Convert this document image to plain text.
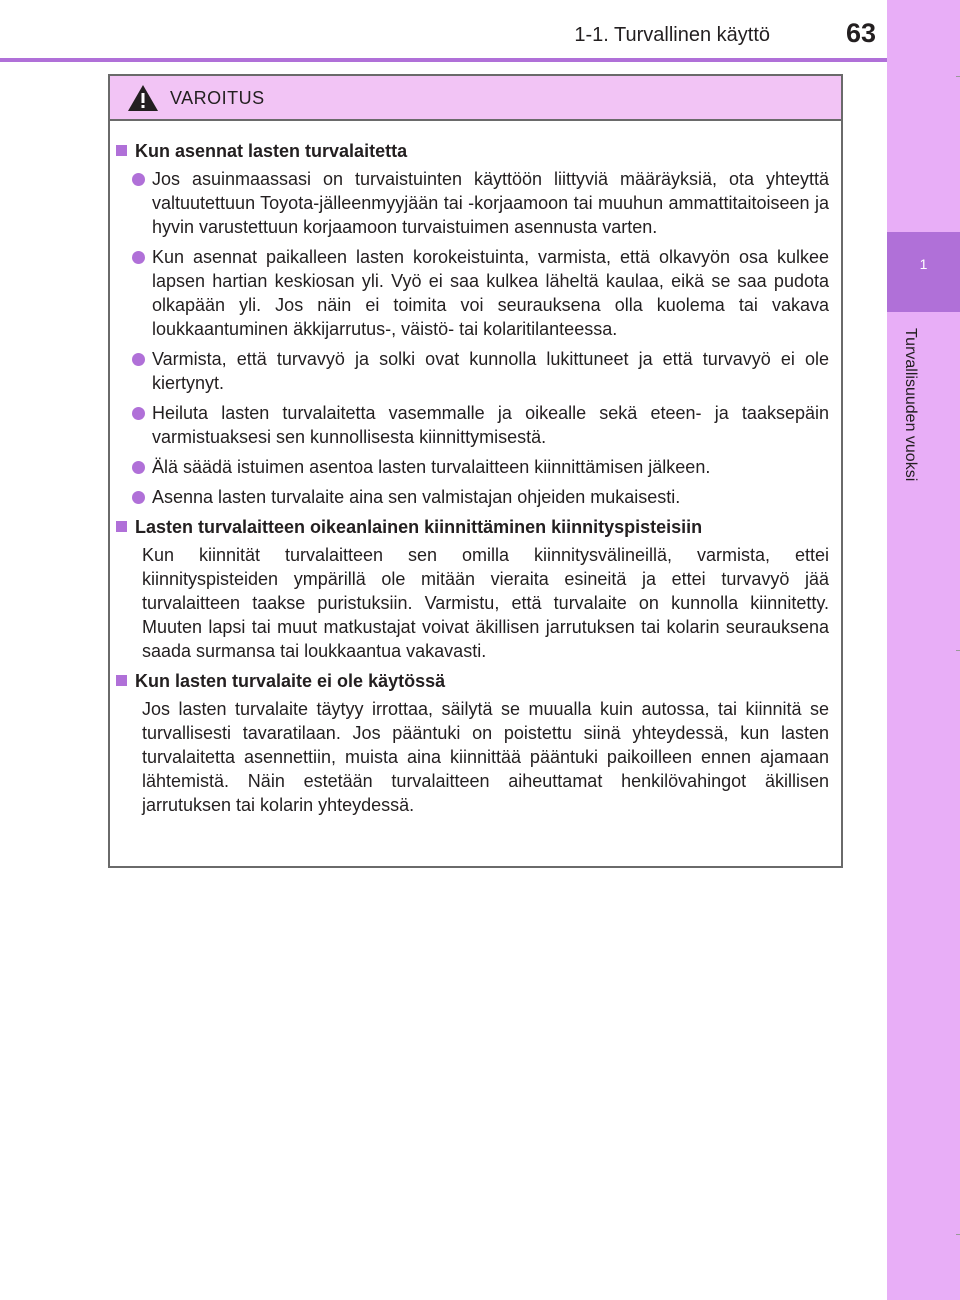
63
1-1. Turvallinen käyttö
1
Turvallisuuden vuoksi
VAROITUS
Kun asennat lasten turvalaitetta

Jos asuinmaassasi on turvaistuinten käyttöön liittyviä määräyksiä, ota yhteyttä valtuutettuun Toyota-jälleenmyyjään tai -korjaamoon tai muuhun ammattitaitoiseen ja hyvin varustettuun korjaamoon turvaistuimen asennusta varten.

Kun asennat paikalleen lasten korokeistuinta, varmista, että olkavyön osa kulkee lapsen hartian keskiosan yli. Vyö ei saa kulkea läheltä kaulaa, eikä se saa pudota olkapään yli. Jos näin ei toimita voi seurauksena olla kuolema tai vakava loukkaantuminen äkkijarrutus-, väistö- tai kolaritilanteessa.

Varmista, että turvavyö ja solki ovat kunnolla lukittuneet ja että turvavyö ei ole kiertynyt.

Heiluta lasten turvalaitetta vasemmalle ja oikealle sekä eteen- ja taaksepäin varmistuaksesi sen kunnollisesta kiinnittymisestä.

Älä säädä istuimen asentoa lasten turvalaitteen kiinnittämisen jälkeen.

Asenna lasten turvalaite aina sen valmistajan ohjeiden mukaisesti.

Lasten turvalaitteen oikeanlainen kiinnittäminen kiinnityspisteisiin

Kun kiinnität turvalaitteen sen omilla kiinnitysvälineillä, varmista, ettei kiinnityspisteiden ympärillä ole mitään vieraita esineitä ja ettei turvavyö jää turvalaitteen taakse puristuksiin. Varmistu, että turvalaite on kunnolla kiinnitetty. Muuten lapsi tai muut matkustajat voivat äkillisen jarrutuksen tai kolarin seurauksena saada surmansa tai loukkaantua vakavasti.

Kun lasten turvalaite ei ole käytössä

Jos lasten turvalaite täytyy irrottaa, säilytä se muualla kuin autossa, tai kiinnitä se turvallisesti tavaratilaan. Jos pääntuki on poistettu siinä yhteydessä, kun lasten turvalaitetta asennettiin, muista aina kiinnittää pääntuki paikoilleen ennen ajamaan lähtemistä. Näin estetään turvalaitteen aiheuttamat henkilövahingot äkillisen jarrutuksen tai kolarin yhteydessä.
